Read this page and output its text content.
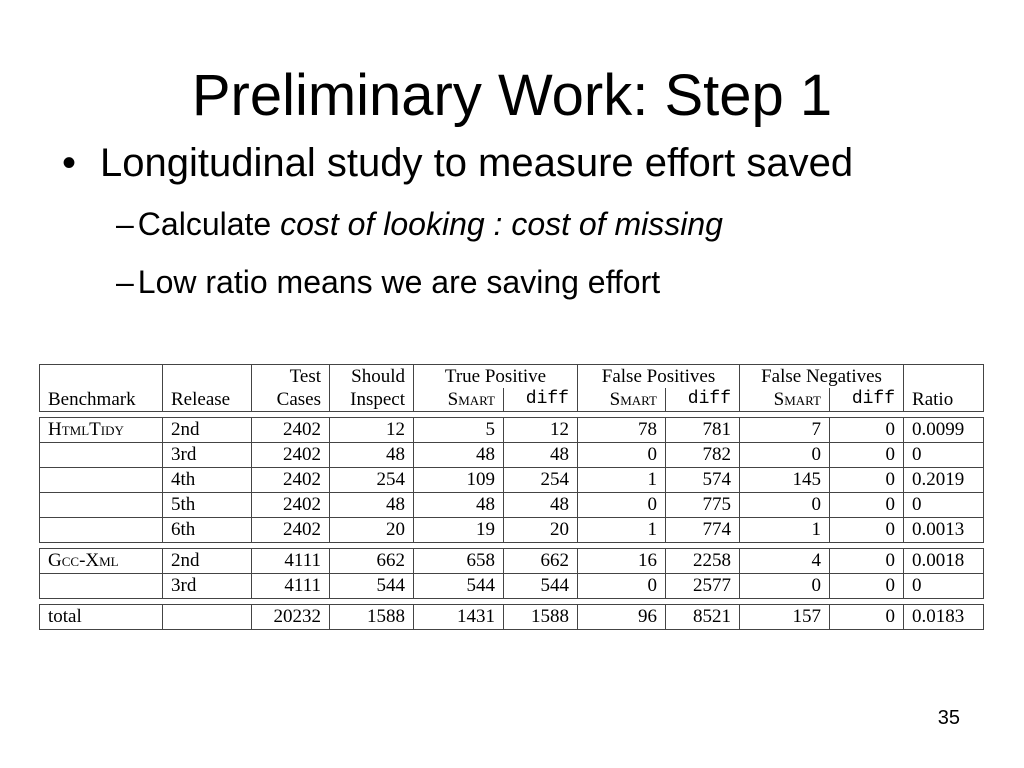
Preliminary Work: Step 1
• Longitudinal study to measure effort saved
– Calculate cost of looking : cost of missing
– Low ratio means we are saving effort
		Test	Should	True Positive		False Positives		False Negatives		
Benchmark	Release	Cases	Inspect	Smart	diff	Smart	diff	Smart	diff	Ratio

HtmlTidy	2nd	2402	12	5	12	78	781	7	0	0.0099
	3rd	2402	48	48	48	0	782	0	0	0
	4th	2402	254	109	254	1	574	145	0	0.2019
	5th	2402	48	48	48	0	775	0	0	0
	6th	2402	20	19	20	1	774	1	0	0.0013

Gcc-Xml	2nd	4111	662	658	662	16	2258	4	0	0.0018
	3rd	4111	544	544	544	0	2577	0	0	0

total		20232	1588	1431	1588	96	8521	157	0	0.0183
35
